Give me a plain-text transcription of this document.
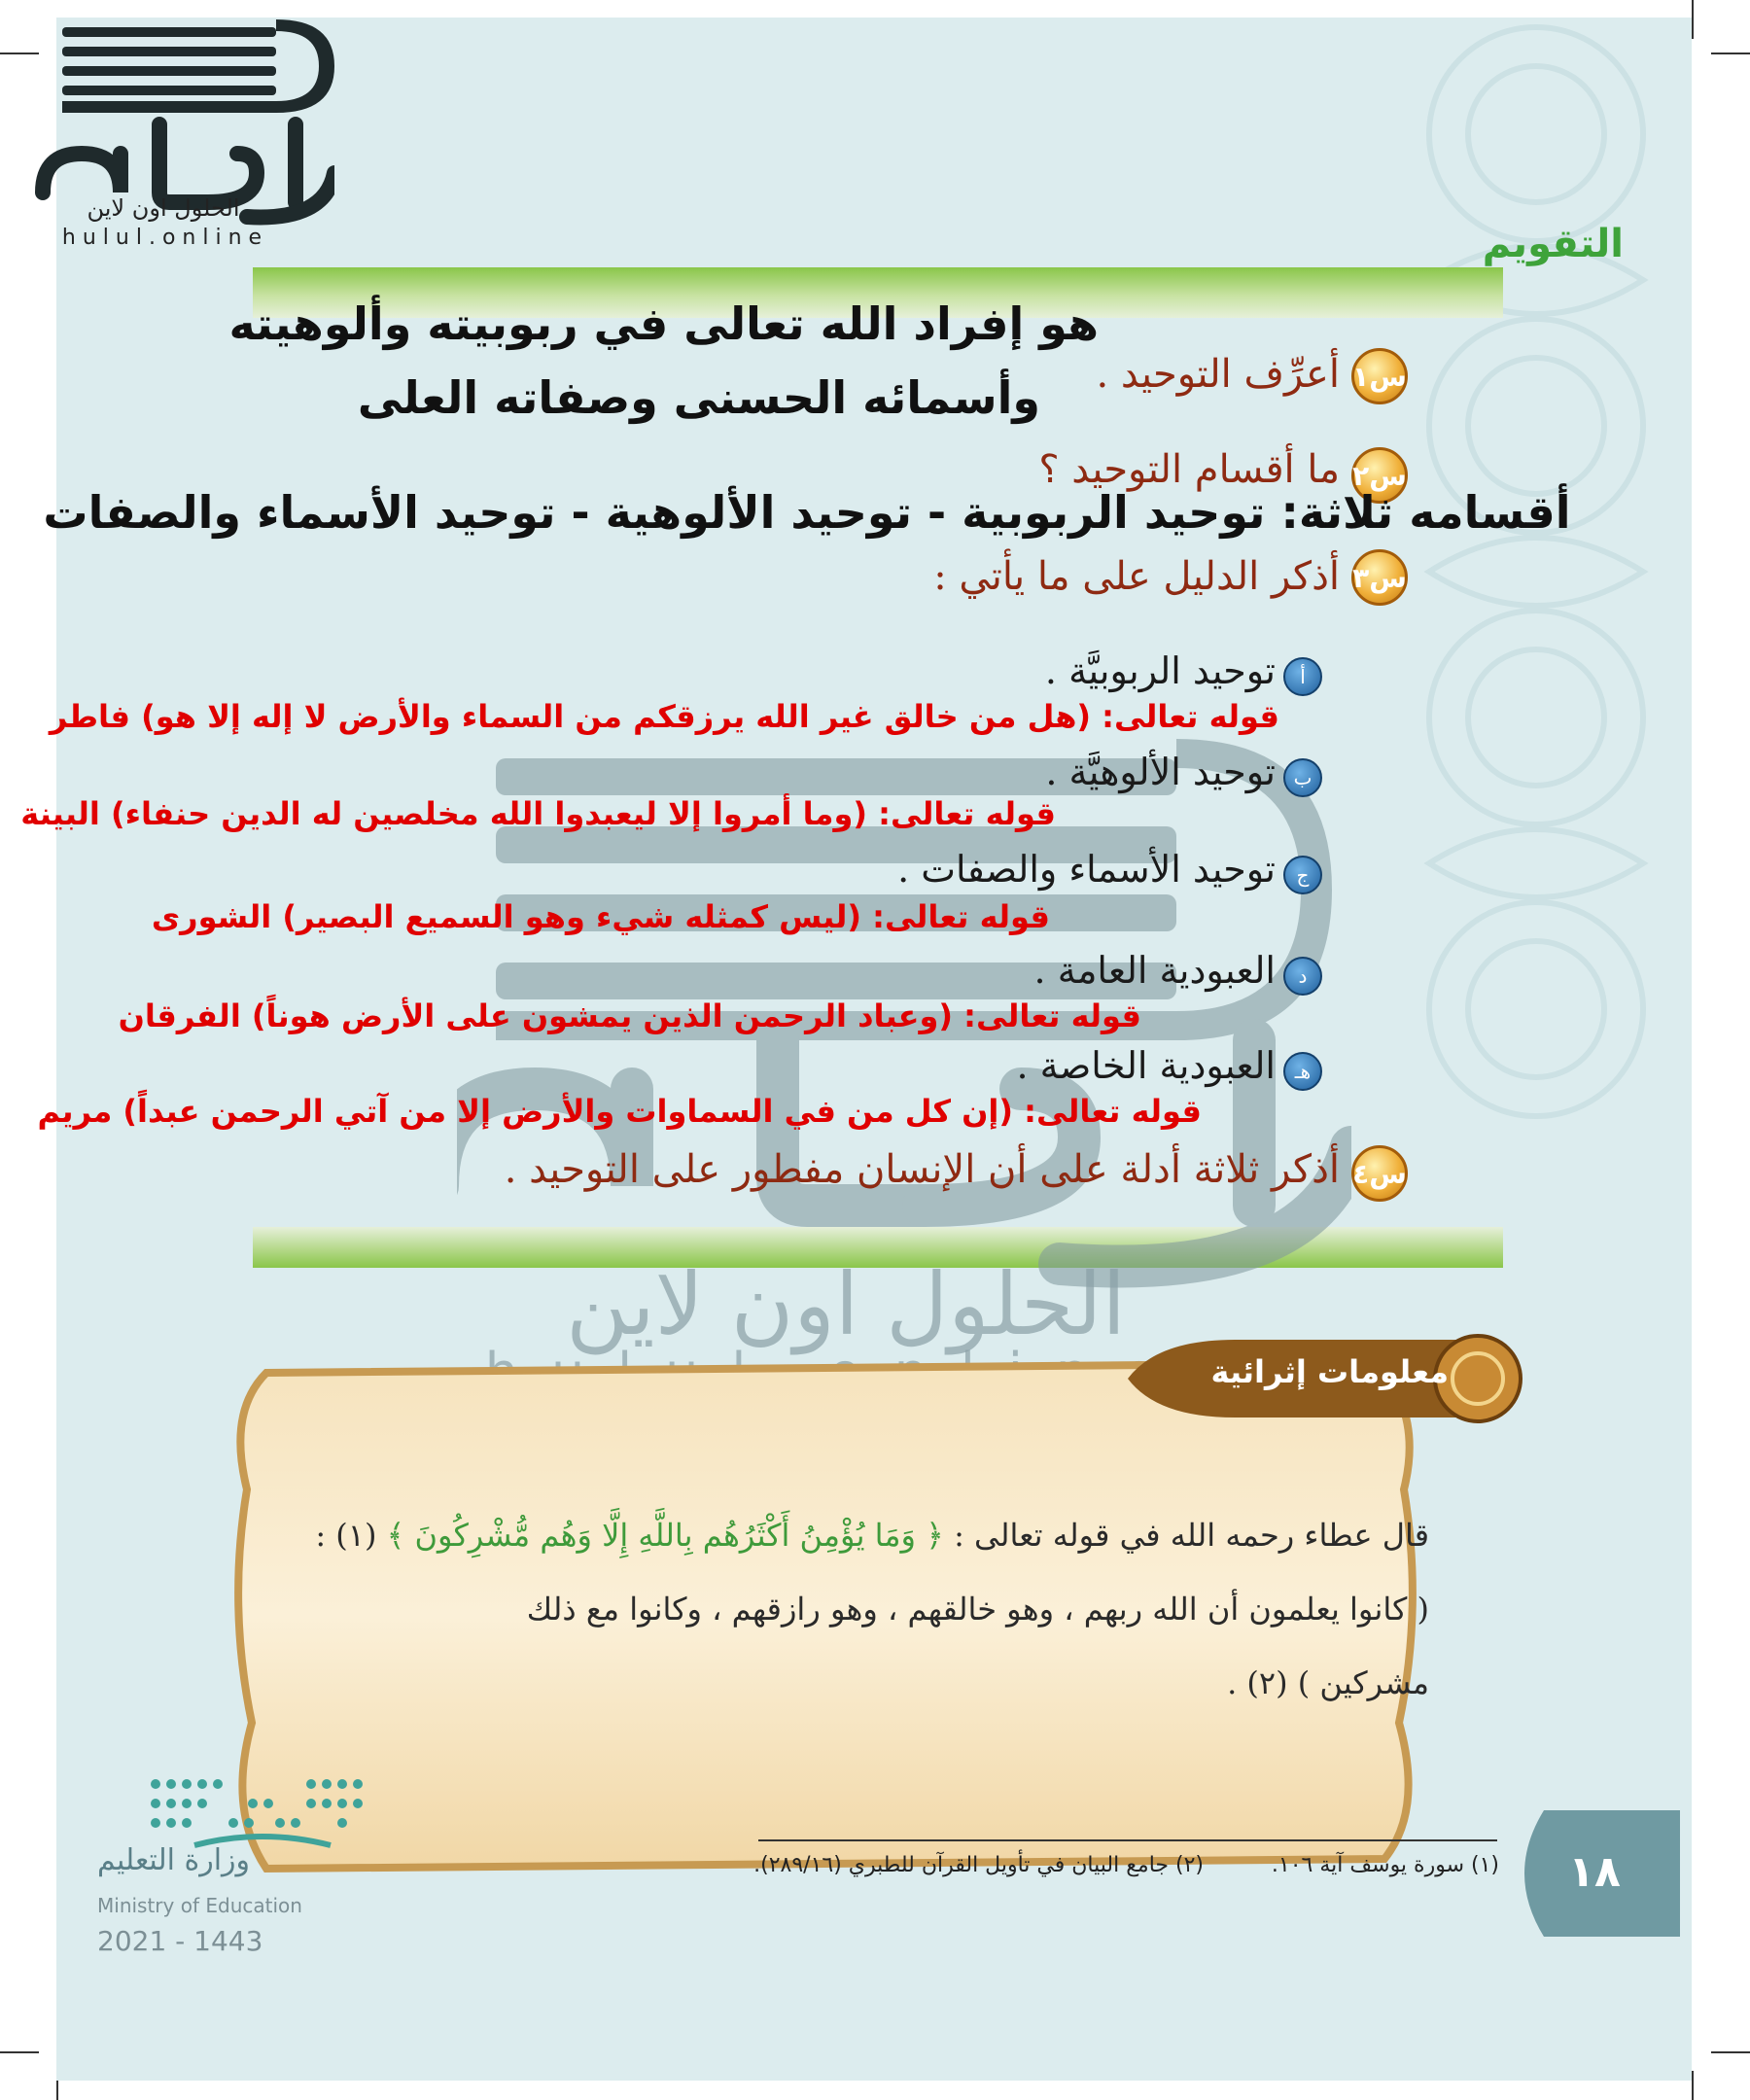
الحلول اون لاين
hulul.online	التقويم
الحلول اون لاين
س١
أعرِّف التوحيد .
س٢
ما أقسام التوحيد ؟
س٣
أذكر الدليل على ما يأتي :
أ
توحيد الربوبيَّة .
ب
توحيد الألوهيَّة .
ج
توحيد الأسماء والصفات .
د
العبودية العامة .
هـ
العبودية الخاصة .
س٤
أذكر ثلاثة أدلة على أن الإنسان مفطور على التوحيد .
هو إفراد الله تعالى في ربوبيته وألوهيته
وأسمائه الحسنى وصفاته العلى
أقسامه ثلاثة: توحيد الربوبية - توحيد الألوهية - توحيد الأسماء والصفات
قوله تعالى: (هل من خالق غير الله يرزقكم من السماء والأرض لا إله إلا هو) فاطر
قوله تعالى: (وما أمروا إلا ليعبدوا الله مخلصين له الدين حنفاء) البينة
قوله تعالى: (ليس كمثله شيء وهو السميع البصير) الشورى
قوله تعالى: (وعباد الرحمن الذين يمشون على الأرض هوناً) الفرقان
قوله تعالى: (إن كل من في السماوات والأرض إلا من آتي الرحمن عبداً) مريم
معلومات إثرائية
قال عطاء رحمه الله في قوله تعالى : ﴿ وَمَا يُؤْمِنُ أَكْثَرُهُم بِاللَّهِ إِلَّا وَهُم مُّشْرِكُونَ ﴾ (١) :
( كانوا يعلمون أن الله ربهم ، وهو خالقهم ، وهو رازقهم ، وكانوا مع ذلك
مشركين ) (٢) .
وزارة التعليم
Ministry of Education
2021 - 1443
(١) سورة يوسف آية ١٠٦.
(٢) جامع البيان في تأويل القرآن للطبري (٢٨٩/١٦).	١٨
